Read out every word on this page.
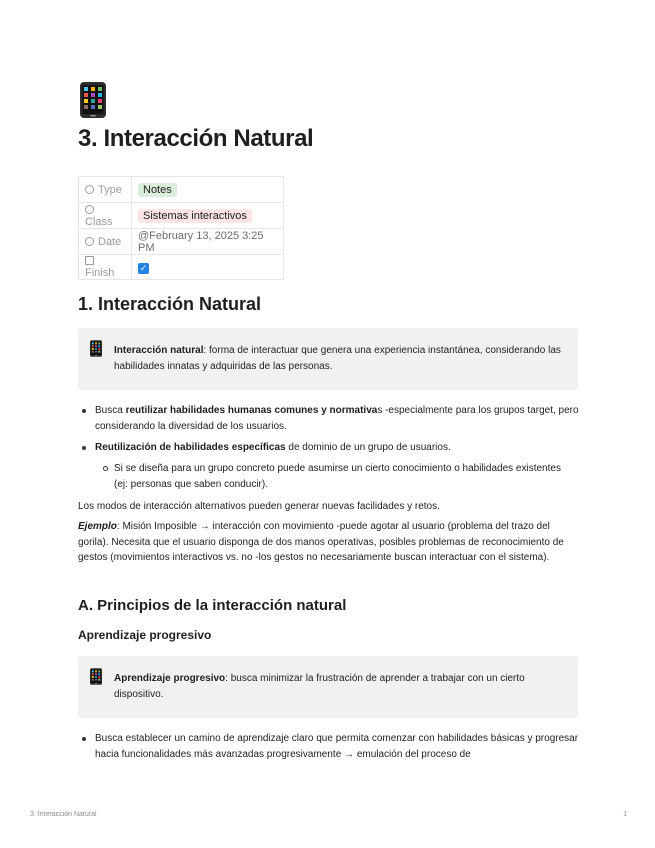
3. Interacción Natural
Type	Notes
Class	Sistemas interactivos
Date	@February 13, 2025 3:25 PM
Finish	✓
1. Interacción Natural

Interacción natural: forma de interactuar que genera una experiencia instantánea, considerando las habilidades innatas y adquiridas de las personas.

Busca reutilizar habilidades humanas comunes y normativas -especialmente para los grupos target, pero considerando la diversidad de los usuarios.

Reutilización de habilidades específicas de dominio de un grupo de usuarios.

Si se diseña para un grupo concreto puede asumirse un cierto conocimiento o habilidades existentes (ej: personas que saben conducir).

Los modos de interacción alternativos pueden generar nuevas facilidades y retos.

Ejemplo: Misión Imposible → interacción con movimiento -puede agotar al usuario (problema del trazo del gorila). Necesita que el usuario disponga de dos manos operativas, posibles problemas de reconocimiento de gestos (movimientos interactivos vs. no -los gestos no necesariamente buscan interactuar con el sistema).

A. Principios de la interacción natural
Aprendizaje progresivo

Aprendizaje progresivo: busca minimizar la frustración de aprender a trabajar con un cierto dispositivo.

Busca establecer un camino de aprendizaje claro que permita comenzar con habilidades básicas y progresar hacia funcionalidades más avanzadas progresivamente → emulación del proceso de

3. Interacción Natural	1
